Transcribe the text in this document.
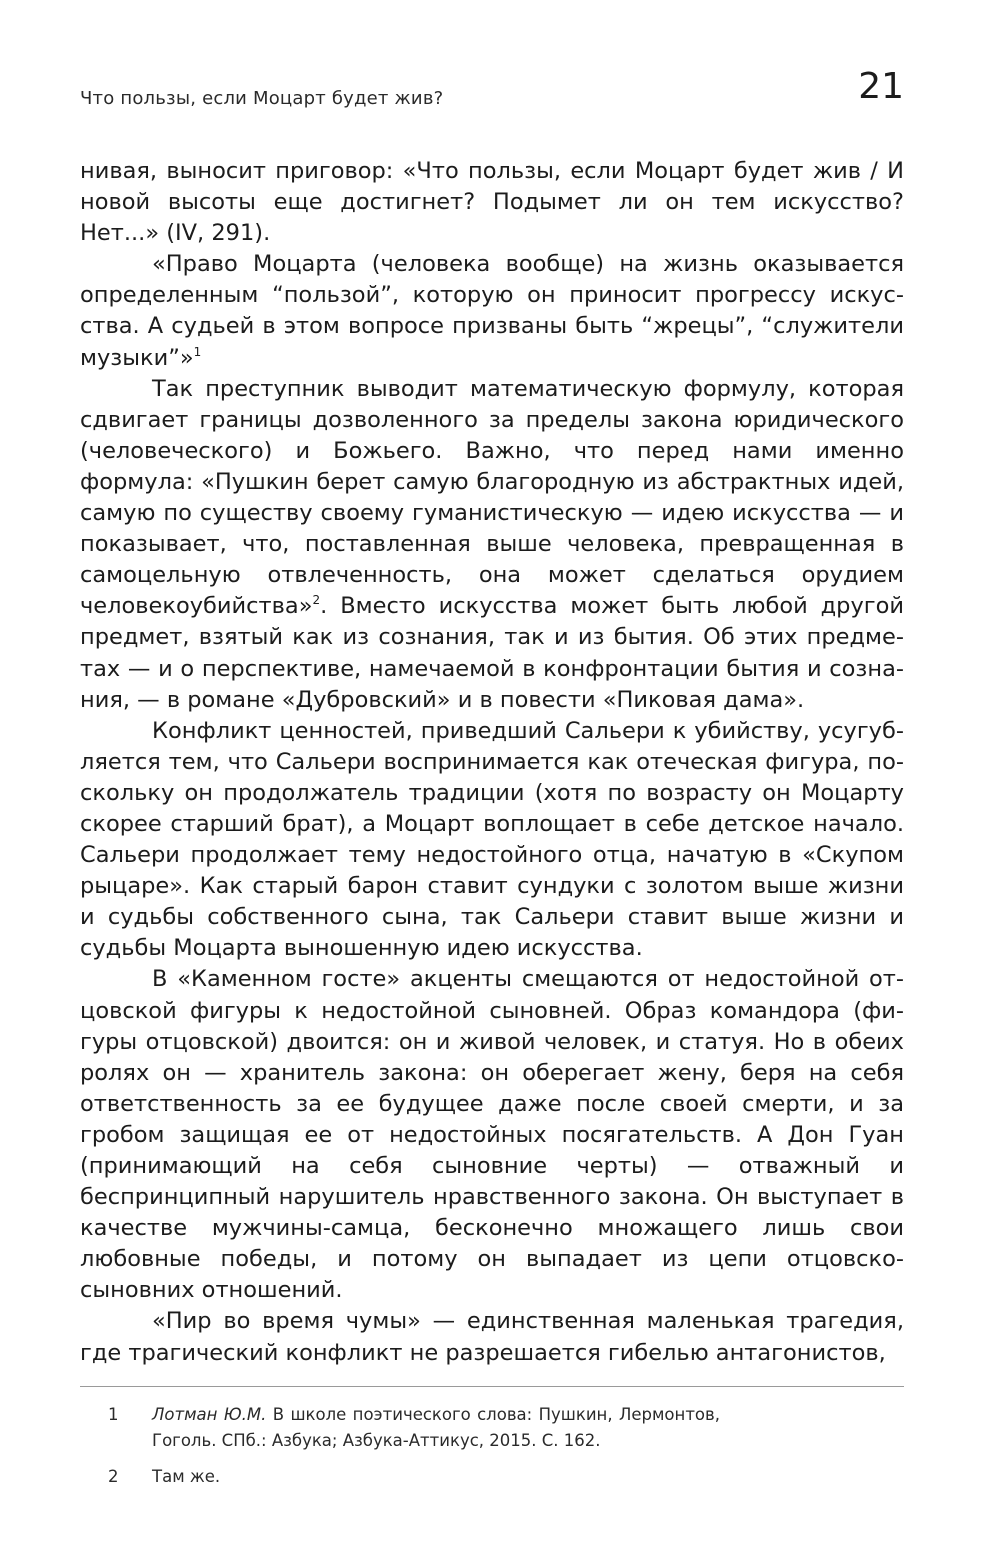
Что пользы, если Моцарт будет жив?	21

нивая, выносит приговор: «Что пользы, если Моцарт будет жив / И новой высоты еще достигнет? Подымет ли он тем искусство? Нет...» (IV, 291).

«Право Моцарта (человека вообще) на жизнь оказывается определенным “пользой”, которую он приносит прогрессу искусства. А судьей в этом вопросе призваны быть “жрецы”, “служители музыки”»$^1$

Так преступник выводит математическую формулу, которая сдвигает границы дозволенного за пределы закона юридического (человеческого) и Божьего. Важно, что перед нами именно формула: «Пушкин берет самую благородную из абстрактных идей, самую по существу своему гуманистическую — идею искусства — и показывает, что, поставленная выше человека, превращенная в самоцельную отвлеченность, она может сделаться орудием человекоубийства»$^2$. Вместо искусства может быть любой другой предмет, взятый как из сознания, так и из бытия. Об этих предметах — и о перспективе, намечаемой в конфронтации бытия и сознания, — в романе «Дубровский» и в повести «Пиковая дама».

Конфликт ценностей, приведший Сальери к убийству, усугубляется тем, что Сальери воспринимается как отеческая фигура, поскольку он продолжатель традиции (хотя по возрасту он Моцарту скорее старший брат), а Моцарт воплощает в себе детское начало. Сальери продолжает тему недостойного отца, начатую в «Скупом рыцаре». Как старый барон ставит сундуки с золотом выше жизни и судьбы собственного сына, так Сальери ставит выше жизни и судьбы Моцарта выношенную идею искусства.

В «Каменном госте» акценты смещаются от недостойной отцовской фигуры к недостойной сыновней. Образ командора (фигуры отцовской) двоится: он и живой человек, и статуя. Но в обеих ролях он — хранитель закона: он оберегает жену, беря на себя ответственность за ее будущее даже после своей смерти, и за гробом защищая ее от недостойных посягательств. А Дон Гуан (принимающий на себя сыновние черты) — отважный и беспринципный нарушитель нравственного закона. Он выступает в качестве мужчины-самца, бесконечно множащего лишь свои любовные победы, и потому он выпадает из цепи отцовско-сыновних отношений.

«Пир во время чумы» — единственная маленькая трагедия, где трагический конфликт не разрешается гибелью антагонистов,

1	Лотман Ю.М. В школе поэтического слова: Пушкин, Лермонтов, Гоголь. СПб.: Азбука; Азбука-Аттикус, 2015. С. 162.
2	Там же.
